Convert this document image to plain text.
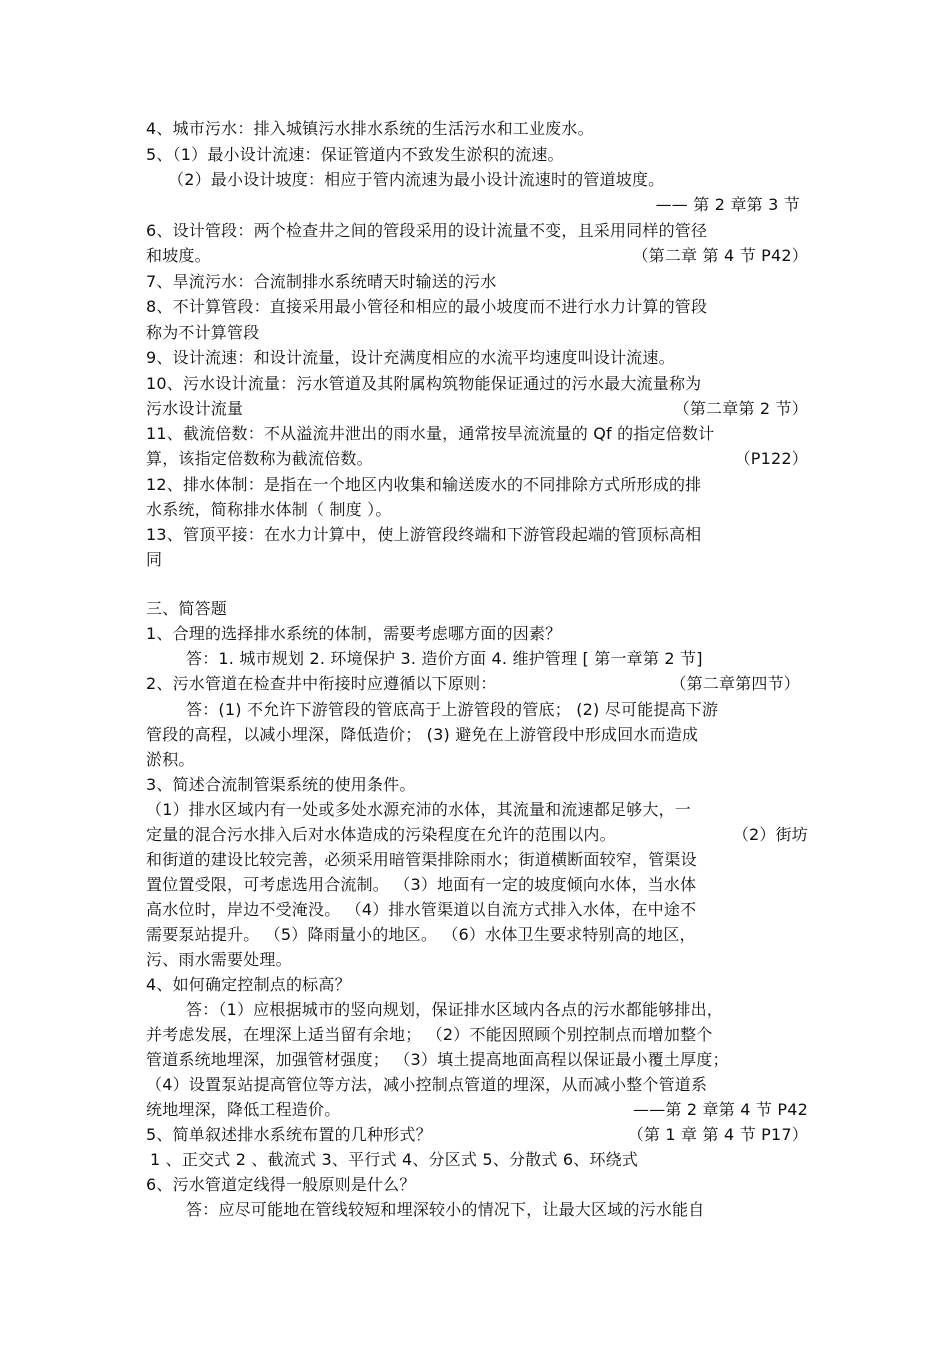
4、城市污水：排入城镇污水排水系统的生活污水和工业废水。
5、（1）最小设计流速：保证管道内不致发生淤积的流速。
（2）最小设计坡度：相应于管内流速为最小设计流速时的管道坡度。
—— 第 2 章第 3 节
6、设计管段：两个检查井之间的管段采用的设计流量不变，且采用同样的管径
和坡度。	（第二章 第 4 节 P42）
7、旱流污水：合流制排水系统晴天时输送的污水
8、不计算管段：直接采用最小管径和相应的最小坡度而不进行水力计算的管段
称为不计算管段
9、设计流速：和设计流量，设计充满度相应的水流平均速度叫设计流速。
10、污水设计流量：污水管道及其附属构筑物能保证通过的污水最大流量称为
污水设计流量	（第二章第 2 节）
11、截流倍数：不从溢流井泄出的雨水量，通常按旱流流量的 Qf 的指定倍数计
算，该指定倍数称为截流倍数。	（P122）
12、排水体制：是指在一个地区内收集和输送废水的不同排除方式所形成的排
水系统，简称排水体制（ 制度 ）。
13、管顶平接：在水力计算中，使上游管段终端和下游管段起端的管顶标高相
同
三、简答题
1、合理的选择排水系统的体制，需要考虑哪方面的因素？
答：1. 城市规划 2. 环境保护 3. 造价方面 4. 维护管理 [ 第一章第 2 节]
2、污水管道在检查井中衔接时应遵循以下原则：	（第二章第四节）
答：(1) 不允许下游管段的管底高于上游管段的管底； (2) 尽可能提高下游
管段的高程，以减小埋深，降低造价； (3) 避免在上游管段中形成回水而造成
淤积。
3、简述合流制管渠系统的使用条件。
（1）排水区域内有一处或多处水源充沛的水体，其流量和流速都足够大，一
定量的混合污水排入后对水体造成的污染程度在允许的范围以内。	（2）街坊
和街道的建设比较完善，必须采用暗管渠排除雨水；街道横断面较窄，管渠设
置位置受限，可考虑选用合流制。 （3）地面有一定的坡度倾向水体，当水体
高水位时，岸边不受淹没。 （4）排水管渠道以自流方式排入水体，在中途不
需要泵站提升。 （5）降雨量小的地区。 （6）水体卫生要求特别高的地区，
污、雨水需要处理。
4、如何确定控制点的标高？
答：（1）应根据城市的竖向规划，保证排水区域内各点的污水都能够排出，
并考虑发展，在埋深上适当留有余地； （2）不能因照顾个别控制点而增加整个
管道系统地埋深，加强管材强度； （3）填土提高地面高程以保证最小覆土厚度；
（4）设置泵站提高管位等方法，减小控制点管道的埋深，从而减小整个管道系
统地埋深，降低工程造价。	——第 2 章第 4 节 P42
5、简单叙述排水系统布置的几种形式？	（第 1 章 第 4 节 P17）
1 、正交式 2 、截流式 3、平行式 4、分区式 5、分散式 6、环绕式
6、污水管道定线得一般原则是什么？
答：应尽可能地在管线较短和埋深较小的情况下，让最大区域的污水能自
